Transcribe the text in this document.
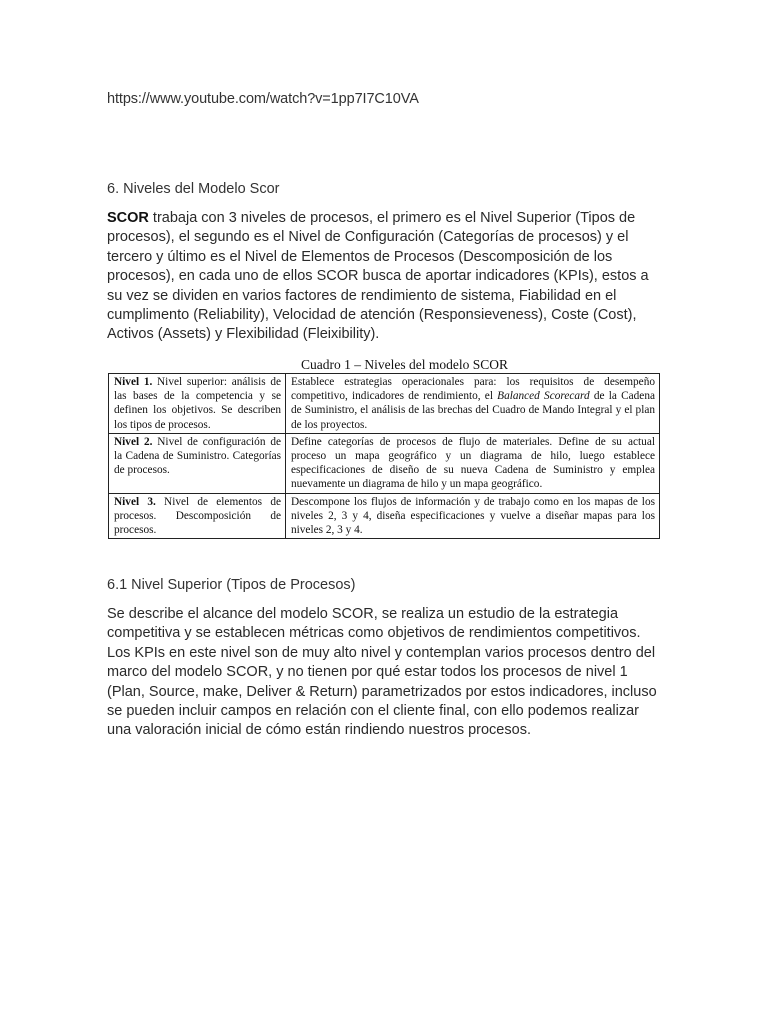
https://www.youtube.com/watch?v=1pp7I7C10VA
6. Niveles del Modelo Scor

SCOR trabaja con 3 niveles de procesos, el primero es el Nivel Superior (Tipos de procesos), el segundo es el Nivel de Configuración (Categorías de procesos) y el tercero y último es el Nivel de Elementos de Procesos (Descomposición de los procesos), en cada uno de ellos SCOR busca de aportar indicadores (KPIs), estos a su vez se dividen en varios factores de rendimiento de sistema, Fiabilidad en el cumplimento (Reliability), Velocidad de atención (Responsieveness), Coste (Cost), Activos (Assets) y Flexibilidad (Fleixibility).

Cuadro 1 – Niveles del modelo SCOR
Nivel 1. Nivel superior: análisis de las bases de la competencia y se definen los objetivos. Se describen los tipos de procesos.	Establece estrategias operacionales para: los requisitos de desempeño competitivo, indicadores de rendimiento, el Balanced Scorecard de la Cadena de Suministro, el análisis de las brechas del Cuadro de Mando Integral y el plan de los proyectos.
Nivel 2. Nivel de configuración de la Cadena de Suministro. Categorías de procesos.	Define categorías de procesos de flujo de materiales. Define de su actual proceso un mapa geográfico y un diagrama de hilo, luego establece especificaciones de diseño de su nueva Cadena de Suministro y emplea nuevamente un diagrama de hilo y un mapa geográfico.
Nivel 3. Nivel de elementos de procesos. Descomposición de procesos.	Descompone los flujos de información y de trabajo como en los mapas de los niveles 2, 3 y 4, diseña especificaciones y vuelve a diseñar mapas para los niveles 2, 3 y 4.
6.1 Nivel Superior (Tipos de Procesos)

Se describe el alcance del modelo SCOR, se realiza un estudio de la estrategia competitiva y se establecen métricas como objetivos de rendimientos competitivos. Los KPIs en este nivel son de muy alto nivel y contemplan varios procesos dentro del marco del modelo SCOR, y no tienen por qué estar todos los procesos de nivel 1 (Plan, Source, make, Deliver & Return) parametrizados por estos indicadores, incluso se pueden incluir campos en relación con el cliente final, con ello podemos realizar una valoración inicial de cómo están rindiendo nuestros procesos.
